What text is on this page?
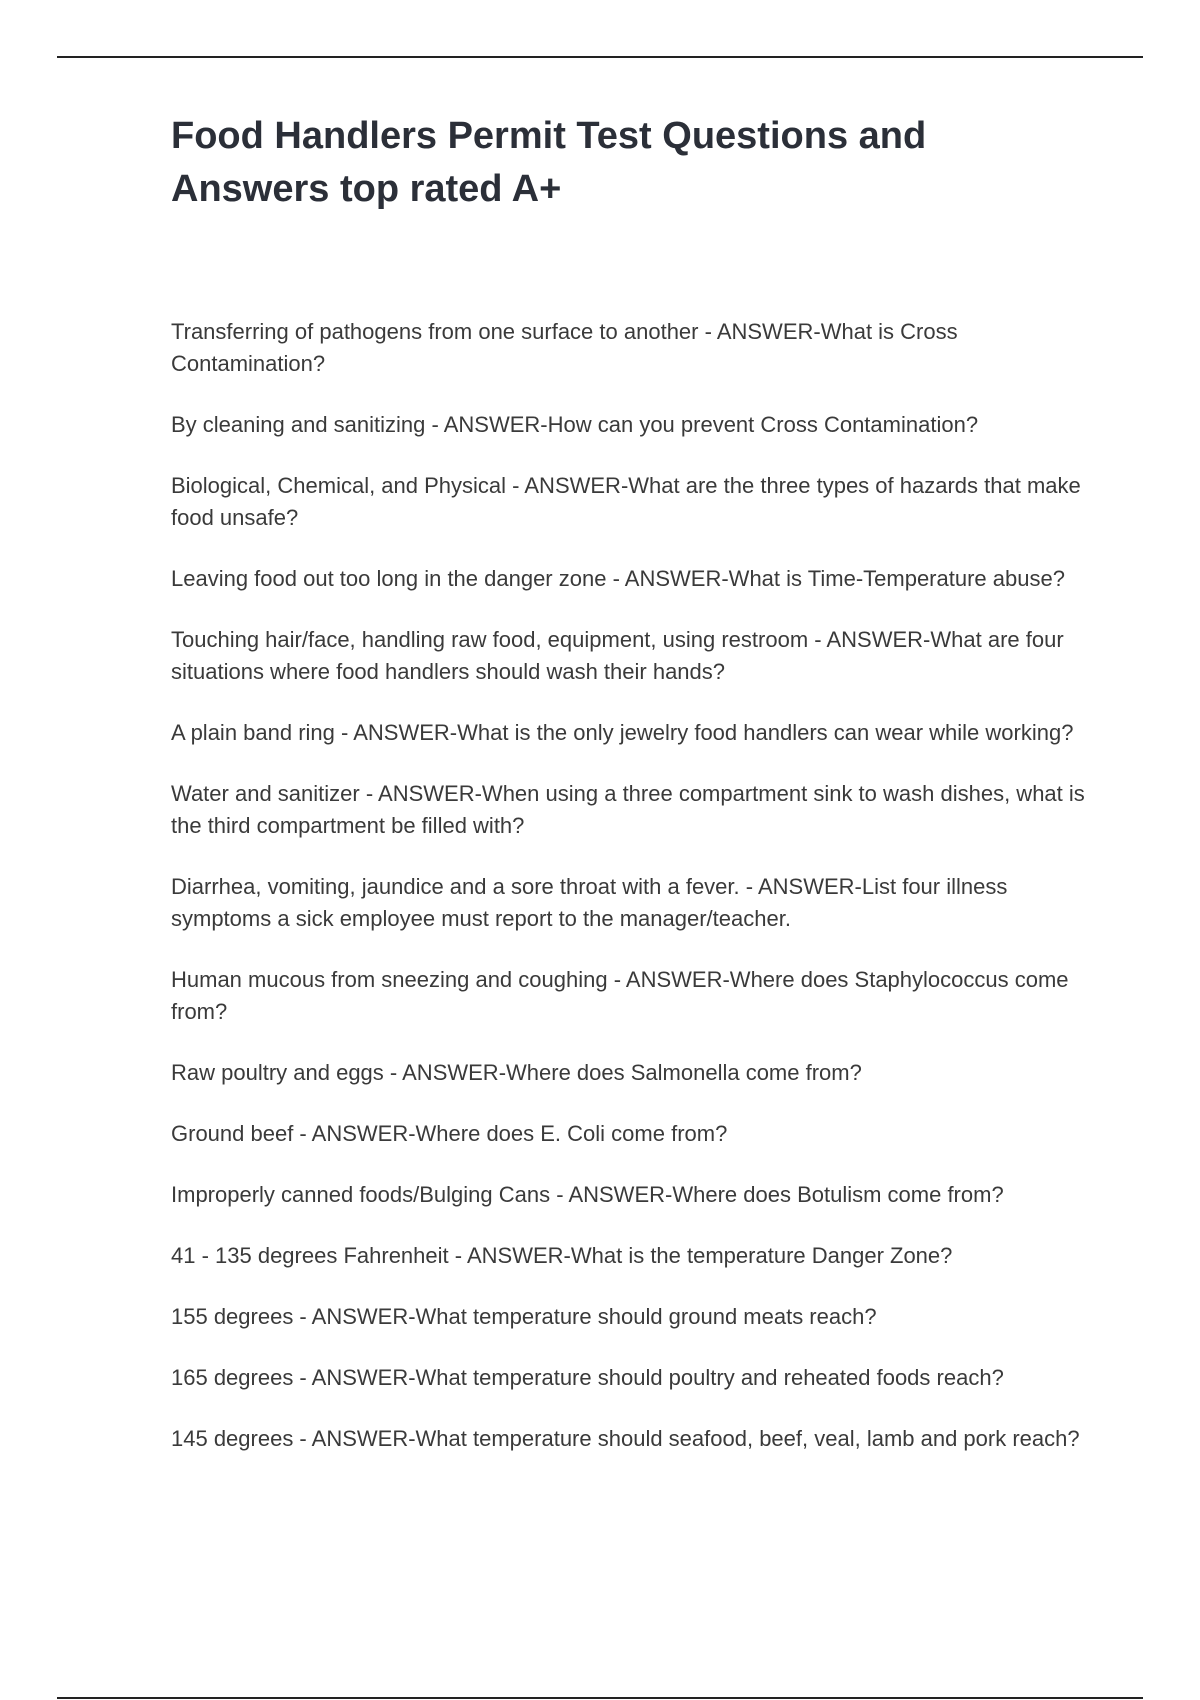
Food Handlers Permit Test Questions and Answers top rated A+
Transferring of pathogens from one surface to another - ANSWER-What is Cross Contamination?
By cleaning and sanitizing - ANSWER-How can you prevent Cross Contamination?
Biological, Chemical, and Physical - ANSWER-What are the three types of hazards that make food unsafe?
Leaving food out too long in the danger zone - ANSWER-What is Time-Temperature abuse?
Touching hair/face, handling raw food, equipment, using restroom - ANSWER-What are four situations where food handlers should wash their hands?
A plain band ring - ANSWER-What is the only jewelry food handlers can wear while working?
Water and sanitizer - ANSWER-When using a three compartment sink to wash dishes, what is the third compartment be filled with?
Diarrhea, vomiting, jaundice and a sore throat with a fever. - ANSWER-List four illness symptoms a sick employee must report to the manager/teacher.
Human mucous from sneezing and coughing - ANSWER-Where does Staphylococcus come from?
Raw poultry and eggs - ANSWER-Where does Salmonella come from?
Ground beef - ANSWER-Where does E. Coli come from?
Improperly canned foods/Bulging Cans - ANSWER-Where does Botulism come from?
41 - 135 degrees Fahrenheit - ANSWER-What is the temperature Danger Zone?
155 degrees - ANSWER-What temperature should ground meats reach?
165 degrees - ANSWER-What temperature should poultry and reheated foods reach?
145 degrees - ANSWER-What temperature should seafood, beef, veal, lamb and pork reach?
